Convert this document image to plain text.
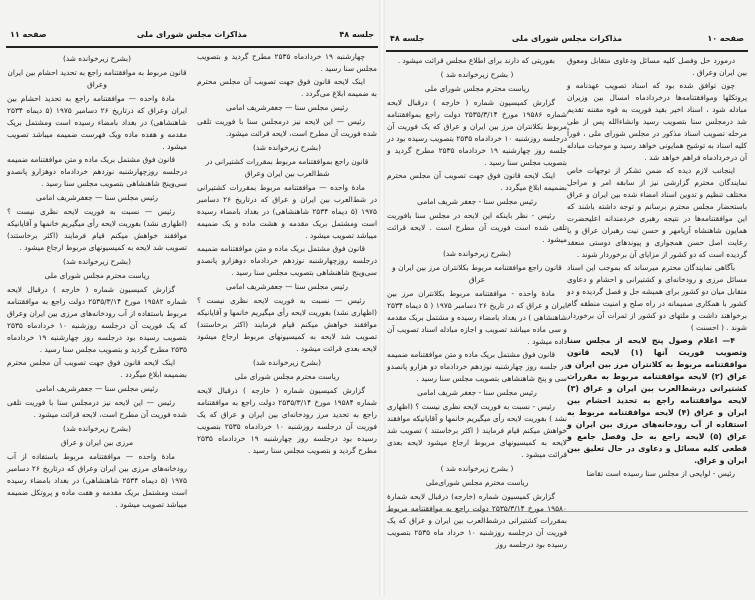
جلسه ۴۸
مذاکرات مجلس شورای ملی
صفحه ۱۱

چهارشنبه ۱۹ خردادماه ۲۵۳۵ مطرح گردید و بتصویب مجلس سنا رسید .

اینک لایحه قانون فوق جهت تصویب آن مجلس محترم به ضمیمه ابلاغ می‌گردد .

رئیس مجلس سنا — جعفرشریف امامی

رئیس — این لایحه نیز درمجلس سنا با فوریت تلقی شده فوریت آن مطرح است، لایحه قرائت میشود.

(بشرح زیرخوانده شد)

قانون راجع بموافقتنامه مربوط بمقررات کشتیرانی در شط‌العرب بین ایران وعراق

مادهٔ واحده — موافقتنامه مربوط بمقررات کشتیرانی در شط‌العرب بین ایران و عراق که درتاریخ ۲۶ دسامبر ۱۹۷۵ (۵ دیماه ۲۵۳۴ شاهنشاهی) در بغداد بامضاء رسیده است ومشتمل بریک مقدمه و هشت ماده و یک ضمیمه میباشد تصویب میشود .

قانون فوق مشتمل بریک ماده و متن موافقتنامه ضمیمه درجلسه روزچهارشنبه نوزدهم خردادماه دوهزارو پانصدو سی‌وپنج شاهنشاهی بتصویب مجلس سنا رسید .

رئیس مجلس سنا — جعفرشریف امامی

رئیس — نسبت به فوریت لایحه نظری نیست ؟ (اظهاری نشد) بفوریت لایحه رأی میگیریم خانمها و آقایانیکه موافقند خواهش میکنم قیام فرمایند (اکثر برخاستند) تصویب شد لایحه به کمیسیونهای مربوط ارجاع میشود لایحه بعدی قرائت میشود .

(بشرح زیرخوانده شد)

ریاست محترم مجلس شورای ملی

گزارش کمیسیون شماره ( خارجه ) درقبال لایحه شماره ۱۹۵۸۴ مورخ ۲۵۳۵/۳/۱۴ دولت راجع به موافقتنامه راجع به تحدید مرز رودخانه‌ای بین ایران و عراق که یک فوریت آن درجلسه روزشنبه ۱۰ خردادماه ۲۵۳۵ بتصویب رسیده بود درجلسه روز چهارشنبه ۱۹ خردادماه ۲۵۳۵ مطرح گردید و بتصویب مجلس سنا رسید .

(بشرح زیرخوانده شد)

قانون مربوط به موافقتنامه راجع به تحدید احشام بین ایران وعراق

مادهٔ واحده — موافقتنامه راجع به تحدید احشام بین ایران وعراق که درتاریخ ۲۶ دسامبر ۱۹۷۵ (۵ دیماه ۲۵۳۴ شاهنشاهی) در بغداد بامضاء رسیده است ومشتمل بریک مقدمه و هفده ماده ویک فهرست ضمیمه میباشد تصویب میشود .

قانون فوق مشتمل بریک ماده و متن موافقتنامه ضمیمه درجلسه روزچهارشنبه نوزدهم خردادماه دوهزارو پانصدو سی‌وپنج شاهنشاهی بتصویب مجلس سنا رسید .

رئیس مجلس سنا — جعفرشریف امامی

رئیس — نسبت به فوریت لایحه نظری نیست ؟ (اظهاری نشد) بفوریت لایحه رأی میگیریم خانمها و آقایانیکه موافقند خواهش میکنم قیام فرمایند (اکثر برخاستند) تصویب شد لایحه به کمیسیونهای مربوط ارجاع میشود .

(بشرح زیرخوانده شد)

ریاست محترم مجلس شورای ملی

گزارش کمیسیون شماره ( خارجه ) درقبال لایحه شماره ۱۹۵۸۲ مورخ ۲۵۳۵/۳/۱۴ دولت راجع به موافقتنامه مربوط باستفاده از آب رودخانه‌های مرزی بین ایران وعراق که یک فوریت آن درجلسه روزشنبه ۱۰ خردادماه ۲۵۳۵ بتصویب رسیده بود درجلسه روز چهارشنبه ۱۹ خردادماه ۲۵۳۵ مطرح گردید و بتصویب مجلس سنا رسید .

اینک لایحه قانون فوق جهت تصویب آن مجلس محترم بضمیمه ابلاغ میگردد .

رئیس مجلس سنا — جعفرشریف امامی

رئیس — این لایحه نیز درمجلس سنا با فوریت تلقی شده فوریت آن مطرح است، لایحه قرائت میشود .

(بشرح زیرخوانده شد)

مرزی بین ایران و عراق

مادهٔ واحده — موافقتنامه مربوط باستفاده از آب رودخانه‌های مرزی بین ایران وعراق که درتاریخ ۲۶ دسامبر ۱۹۷۵ (۵ دیماه ۲۵۳۴ شاهنشاهی) در بغداد بامضاء رسیده است ومشتمل بریک مقدمه و هفت ماده و پروتکل ضمیمه میباشد تصویب میشود .

صفحه ۱۰
مذاکرات مجلس شورای ملی
جلسه ۴۸

درمورد حل وفصل کلیه مسائل ودعاوی متقابل ومعوق بین ایران وعراق .

چون توافق شده بود که اسناد تصویب عهدنامه و پروتکلها وموافقتنامه‌ها درخردادماه امسال بین وزیران مبادله شود ، اسناد اخیر بقید فوریت به قوه مقننه تقدیم شد درمجلس سنا بتصویب رسید وانشاءالله پس از طی مرحله تصویب اسناد مذکور در مجلس شورای ملی ، فوراً کلیه اسناد به توشیح همایونی خواهد رسید و موجبات مبادله آن درخردادماه فراهم خواهد شد .

اینجانب لازم دیده که ضمن تشکر از توجهات خاص نمایندگان محترم گزارشی نیز از سابقه امر و مراحل مختلف تنظیم و تدوین اسناد امضاء شده بین ایران و عراق باستحضار مجلس محترم برسانم و توجه داشته باشند که این موافقتنامه‌ها در نتیجه رهبری خردمندانه اعلیحضرت همایون شاهنشاه آریامهر و حسن نیت رهبران عراق و با رعایت اصل حسن همجواری و پیوندهای دوستی منعقد گردیده است که دو کشور از مزایای آن برخوردار شوند .

بآگاهی نمایندگان محترم میرساند که بموجب این اسناد مسائل مرزی و رودخانه‌ای و کشتیرانی و احشام و دعاوی متقابل میان دو کشور برای همیشه حل و فصل گردیده و دو کشور با همکاری صمیمانه در راه صلح و امنیت منطقه گام برخواهند داشت و ملتهای دو کشور از ثمرات آن برخوردار شوند . ( احسنت )

۴— اعلام وصول پنج لایحه از مجلس سنا وتصویب فوریت آنها (۱) لایحه قانون موافقتنامه مربوط به کلانتران مرز بین ایران و عراق (۲) لایحه موافقتنامه مربوط به مقررات کشتیرانی درشط‌العرب بین ایران و عراق (۳) لایحه موافقتنامه راجع به تحدید احشام بین ایران و عراق (۴) لایحه موافقتنامه مربوط به استفاده از آب رودخانه‌های مرزی بین ایران و عراق (۵) لایحه راجع به حل وفصل جامع و قطعی کلیه مسائل و دعاوی در حال تعلیق بین ایران و عراق.

رئیس - لوایحی از مجلس سنا رسیده است تقاضا

بفوریتی که دارند برای اطلاع مجلس قرائت میشود .

( بشرح زیرخوانده شد )

ریاست محترم مجلس شورای ملی

گزارش کمیسیون شماره ( خارجه ) درقبال لایحه شماره ۱۹۵۸۶ مورخ ۲۵۳۵/۳/۱۴ دولت راجع بموافقتنامه مربوط بکلانتران مرز بین ایران و عراق که یک فوریت آن درجلسه روزشنبه ۱۰ خردادماه ۲۵۳۵ بتصویب رسیده بود در جلسه روز چهارشنبه ۱۹ خردادماه ۲۵۳۵ مطرح گردید و بتصویب مجلس سنا رسید .

اینک لایحه قانون فوق جهت تصویب آن مجلس محترم بضمیمه ابلاغ میگردد .

رئیس مجلس سنا - جعفر شریف امامی

رئیس - نظر باینکه این لایحه در مجلس سنا بافوریت تلقی شده است فوریت آن مطرح است . لایحه قرائت میشود .

(بشرح زیرخوانده شد)

قانون راجع موافقتنامه مربوط بکلانتران مرز بین ایران و عراق

مادهٔ واحده - موافقتنامه مربوط بکلانتران مرز بین ایران و عراق که در تاریخ ۲۶ دسامبر ۱۹۷۵ ( ۵ دیماه ۲۵۳۴ شاهنشاهی ) در بغداد بامضاء رسیده و مشتمل بریک مقدمه و سی ماده میباشد تصویب و اجازه مبادله اسناد تصویب آن داده میشود .

قانون فوق مشتمل بریک ماده و متن موافقتنامه ضمیمه در جلسه روز چهارشنبه نوزدهم خردادماه دو هزارو پانصدو سی و پنج شاهنشاهی بتصویب مجلس سنا رسید .

رئیس مجلس سنا - جعفر شریف امامی

رئیس - نسبت به فوریت لایحه نظری نیست ؟ (اظهاری نشد ) بفوریت لایحه رأی میگیریم خانمها و آقایانیکه موافقند خواهش میکنم قیام فرمایند ( اکثر برخاستند ) تصویب شد لایحه به کمیسیونهای مربوط ارجاع میشود لایحه بعدی قرائت میشود .

( بشرح زیرخوانده شد )

ریاست محترم مجلس شورای‌ملی

گزارش کمیسیون شماره (خارجه) درقبال لایحه شمارهٔ ۱۹۵۸۰ مورخ ۲۵۳۵/۳/۱۴ دولت راجع به موافقتنامه مربوط بمقررات کشتیرانی درشط‌العرب بین ایران و عراق که یک فوریت آن درجلسه روزشنبه ۱۰ خرداد ماه ۲۵۳۵ بتصویب رسیده بود درجلسه روز
